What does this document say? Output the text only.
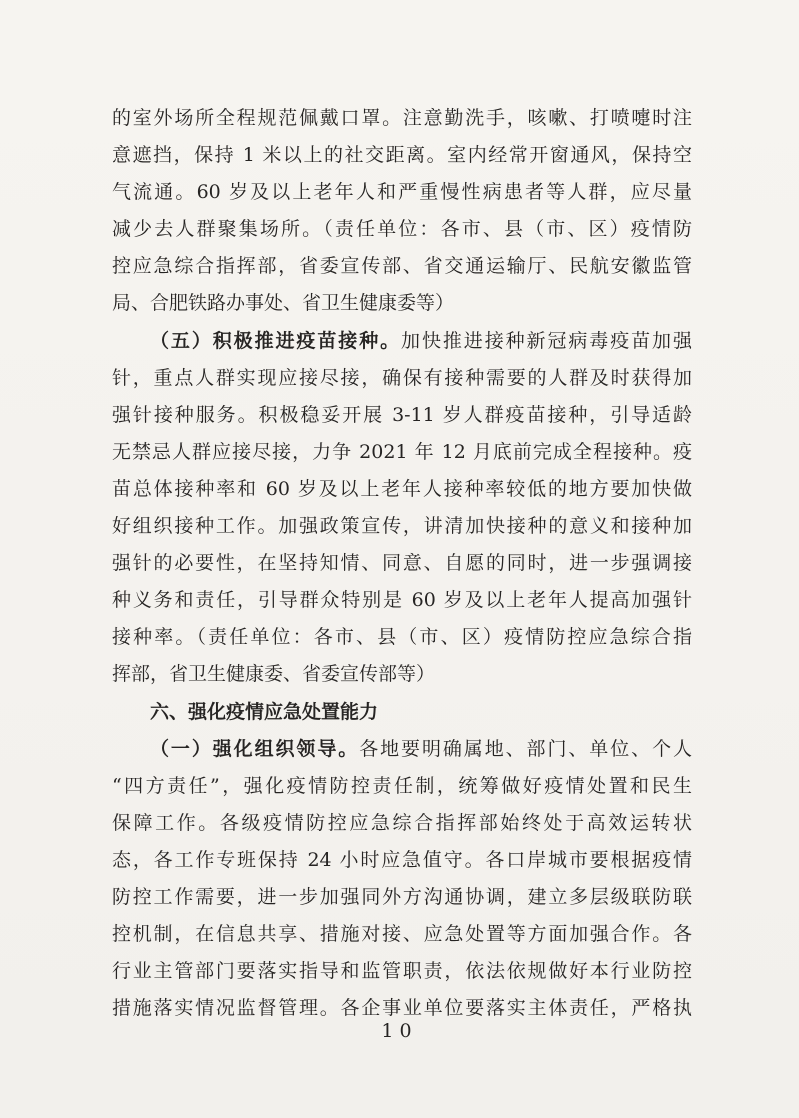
的室外场所全程规范佩戴口罩。注意勤洗手，咳嗽、打喷嚏时注
意遮挡，保持 1 米以上的社交距离。室内经常开窗通风，保持空
气流通。60 岁及以上老年人和严重慢性病患者等人群，应尽量
减少去人群聚集场所。（责任单位：各市、县（市、区）疫情防
控应急综合指挥部，省委宣传部、省交通运输厅、民航安徽监管
局、合肥铁路办事处、省卫生健康委等）
（五）积极推进疫苗接种。加快推进接种新冠病毒疫苗加强
针，重点人群实现应接尽接，确保有接种需要的人群及时获得加
强针接种服务。积极稳妥开展 3-11 岁人群疫苗接种，引导适龄
无禁忌人群应接尽接，力争 2021 年 12 月底前完成全程接种。疫
苗总体接种率和 60 岁及以上老年人接种率较低的地方要加快做
好组织接种工作。加强政策宣传，讲清加快接种的意义和接种加
强针的必要性，在坚持知情、同意、自愿的同时，进一步强调接
种义务和责任，引导群众特别是 60 岁及以上老年人提高加强针
接种率。（责任单位：各市、县（市、区）疫情防控应急综合指
挥部，省卫生健康委、省委宣传部等）
六、强化疫情应急处置能力
（一）强化组织领导。各地要明确属地、部门、单位、个人
“四方责任”，强化疫情防控责任制，统筹做好疫情处置和民生
保障工作。各级疫情防控应急综合指挥部始终处于高效运转状
态，各工作专班保持 24 小时应急值守。各口岸城市要根据疫情
防控工作需要，进一步加强同外方沟通协调，建立多层级联防联
控机制，在信息共享、措施对接、应急处置等方面加强合作。各
行业主管部门要落实指导和监管职责，依法依规做好本行业防控
措施落实情况监督管理。各企事业单位要落实主体责任，严格执
10
